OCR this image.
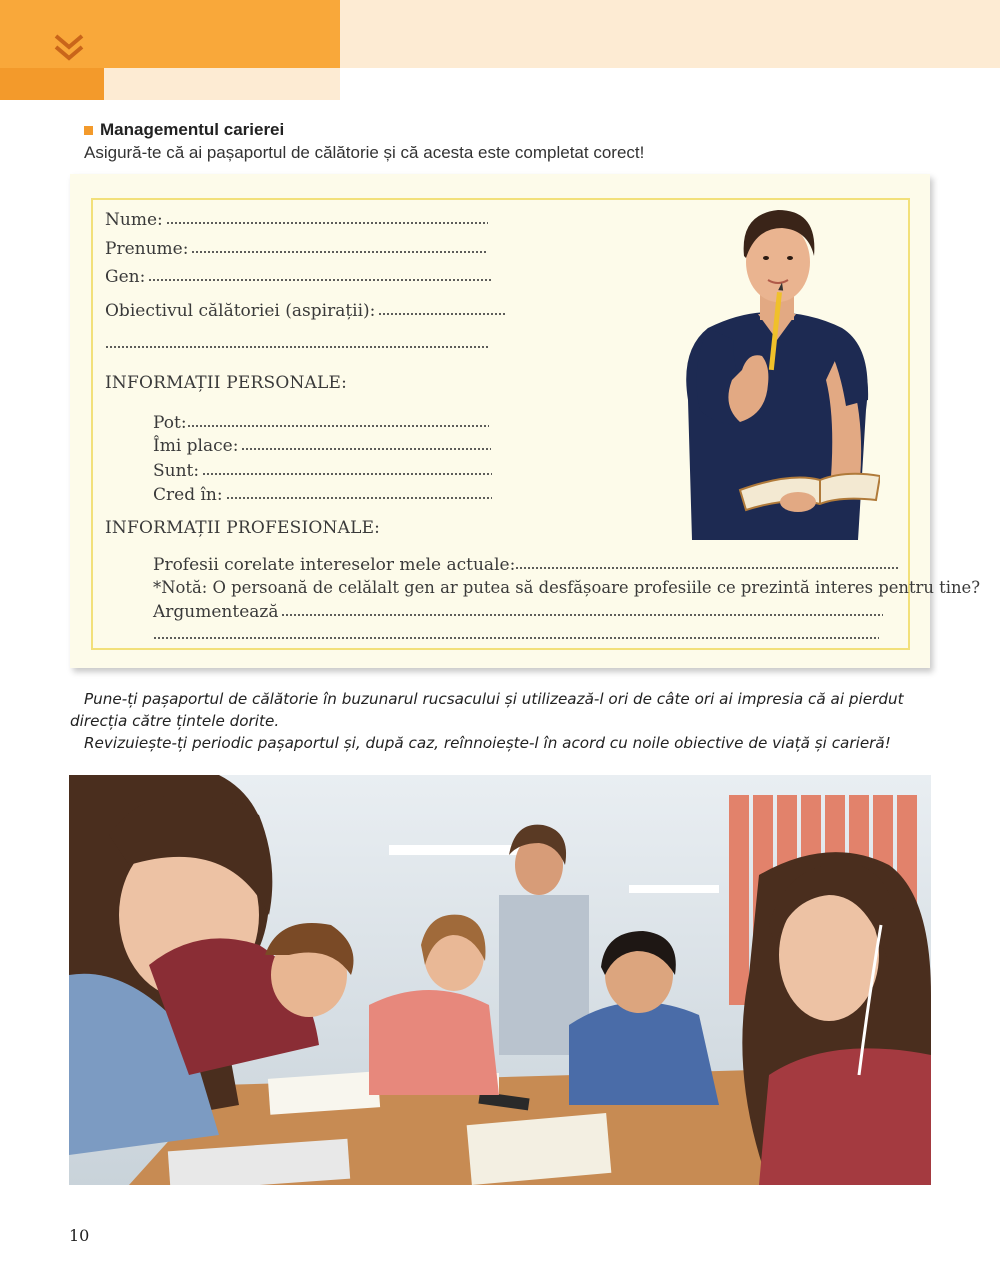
Managementul carierei
Asigură-te că ai pașaportul de călătorie și că acesta este completat corect!
Nume:
Prenume:
Gen:
Obiectivul călătoriei (aspirații):
INFORMAȚII PERSONALE:
Pot:
Îmi place:
Sunt:
Cred în:
INFORMAȚII PROFESIONALE:
Profesii corelate intereselor mele actuale:
*Notă: O persoană de celălalt gen ar putea să desfășoare profesiile ce prezintă interes pentru tine?
Argumentează

Pune-ți pașaportul de călătorie în buzunarul rucsacului și utilizează-l ori de câte ori ai impresia că ai pierdut direcția către țintele dorite.

Revizuiește-ți periodic pașaportul și, după caz, reînnoiește-l în acord cu noile obiective de viață și carieră!

10
